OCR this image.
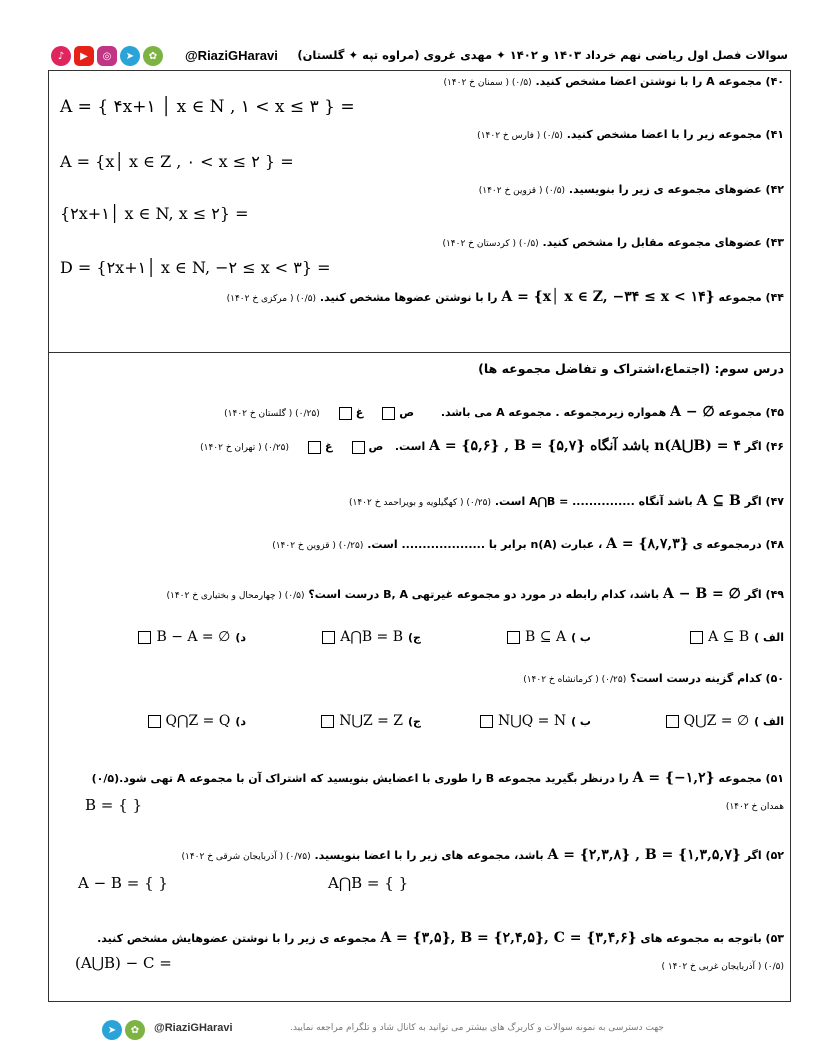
♪	▶	◎	➤	✿	@RiaziGHaravi سوالات فصل اول ریاضی نهم خرداد ۱۴۰۳ و ۱۴۰۲ ✦ مهدی غروی (مراوه تپه ✦ گلستان)
۴۰) مجموعه A را با نوشتن اعضا مشخص کنید. (۰/۵) ( سمنان خ ۱۴۰۲)
A = { ۴x+۱ │ x ∈ N , ۱ < x ≤ ۳ } =
۴۱) مجموعه زیر را با اعضا مشخص کنید. (۰/۵) ( فارس خ ۱۴۰۲)
A = {x│ x ∈ Z , ۰ < x ≤ ۲ } =
۴۲) عضوهای مجموعه ی زیر را بنویسید. (۰/۵) ( قزوین خ ۱۴۰۲)
{۲x+۱│ x ∈ N, x ≤ ۲} =
۴۳) عضوهای مجموعه مقابل را مشخص کنید. (۰/۵) ( کردستان خ ۱۴۰۲)
D = {۲x+۱│ x ∈ N, −۲ ≤ x < ۳} =
۴۴) مجموعه A = {x│ x ∈ Z, −۳۴ ≤ x < ۱۴} را با نوشتن عضوها مشخص کنید. (۰/۵) ( مرکزی خ ۱۴۰۲)
درس سوم: (اجتماع،اشتراک و تفاضل مجموعه ها)
۴۵) مجموعه A − ∅ همواره زیرمجموعه . مجموعه A می باشد.       ص      غ      (۰/۲۵) ( گلستان خ ۱۴۰۲)
۴۶) اگر A = {۵,۶} , B = {۵,۷} باشد آنگاه n(A⋃B) = ۴ است.   ص      غ      (۰/۲۵) ( تهران خ ۱۴۰۲)
۴۷) اگر A ⊆ B باشد آنگاه ............... = A⋂B است. (۰/۲۵) ( کهگیلویه و بویراحمد خ ۱۴۰۲)
۴۸) درمجموعه ی A = {۸,۷,۳} ، عبارت n(A) برابر با .................... است. (۰/۲۵) ( قزوین خ ۱۴۰۲)
۴۹) اگر A − B = ∅ باشد، کدام رابطه در مورد دو مجموعه غیرتهی B, A درست است؟ (۰/۵) ( چهارمحال و بختیاری خ ۱۴۰۲)
الف )
A ⊆ B
ب )
B ⊆ A
ج)
A⋂B = B
د)
B − A = ∅
۵۰) کدام گزینه درست است؟ (۰/۲۵) ( کرمانشاه خ ۱۴۰۲)
الف )
Q⋃Z = ∅
ب )
N⋃Q = N
ج)
N⋃Z = Z
د)
Q⋂Z = Q
۵۱) مجموعه A = {−۱,۲} را درنظر بگیرید مجموعه B را طوری با اعضایش بنویسید که اشتراک آن با مجموعه A تهی شود.(۰/۵)
B = { }	همدان خ ۱۴۰۲)
۵۲) اگر A = {۲,۳,۸} , B = {۱,۳,۵,۷} باشد، مجموعه های زیر را با اعضا بنویسید. (۰/۷۵) ( آذربایجان شرقی خ ۱۴۰۲)
A − B = { }	A⋂B = { }
۵۳) باتوجه به مجموعه های A = {۳,۵}, B = {۲,۴,۵}, C = {۳,۴,۶} مجموعه ی زیر را با نوشتن عضوهایش مشخص کنید.
(A⋃B) − C =	(۰/۵) ( آذربایجان غربی خ ۱۴۰۲ )
➤	✿	@RiaziGHaravi	جهت دسترسی به نمونه سوالات و کاربرگ های بیشتر می توانید به کانال شاد و تلگرام مراجعه نمایید.
